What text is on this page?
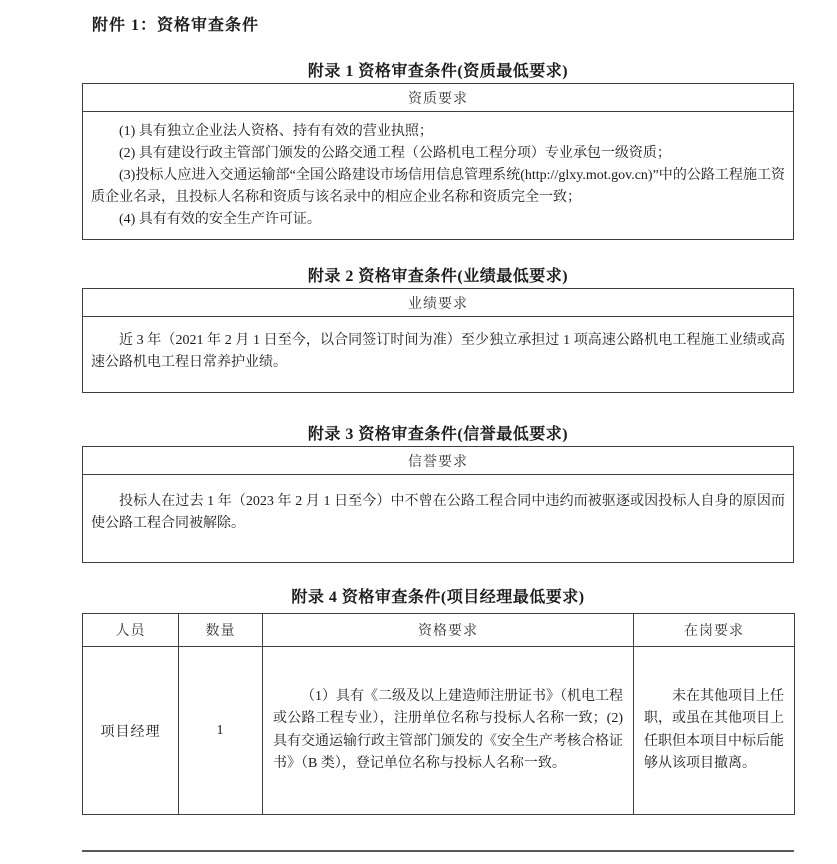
附件 1：资格审查条件
附录 1 资格审查条件(资质最低要求)
资质要求

(1) 具有独立企业法人资格、持有有效的营业执照；

(2) 具有建设行政主管部门颁发的公路交通工程（公路机电工程分项）专业承包一级资质；

(3)投标人应进入交通运输部“全国公路建设市场信用信息管理系统(http://glxy.mot.gov.cn)”中的公路工程施工资质企业名录，且投标人名称和资质与该名录中的相应企业名称和资质完全一致；

(4) 具有有效的安全生产许可证。

附录 2 资格审查条件(业绩最低要求)
业绩要求

近 3 年（2021 年 2 月 1 日至今，以合同签订时间为准）至少独立承担过 1 项高速公路机电工程施工业绩或高速公路机电工程日常养护业绩。

附录 3 资格审查条件(信誉最低要求)
信誉要求

投标人在过去 1 年（2023 年 2 月 1 日至今）中不曾在公路工程合同中违约而被驱逐或因投标人自身的原因而使公路工程合同被解除。

附录 4 资格审查条件(项目经理最低要求)
人员	数量	资格要求	在岗要求
项目经理	1	（1）具有《二级及以上建造师注册证书》（机电工程或公路工程专业），注册单位名称与投标人名称一致；(2) 具有交通运输行政主管部门颁发的《安全生产考核合格证书》（B 类），登记单位名称与投标人名称一致。	未在其他项目上任职，或虽在其他项目上任职但本项目中标后能够从该项目撤离。
